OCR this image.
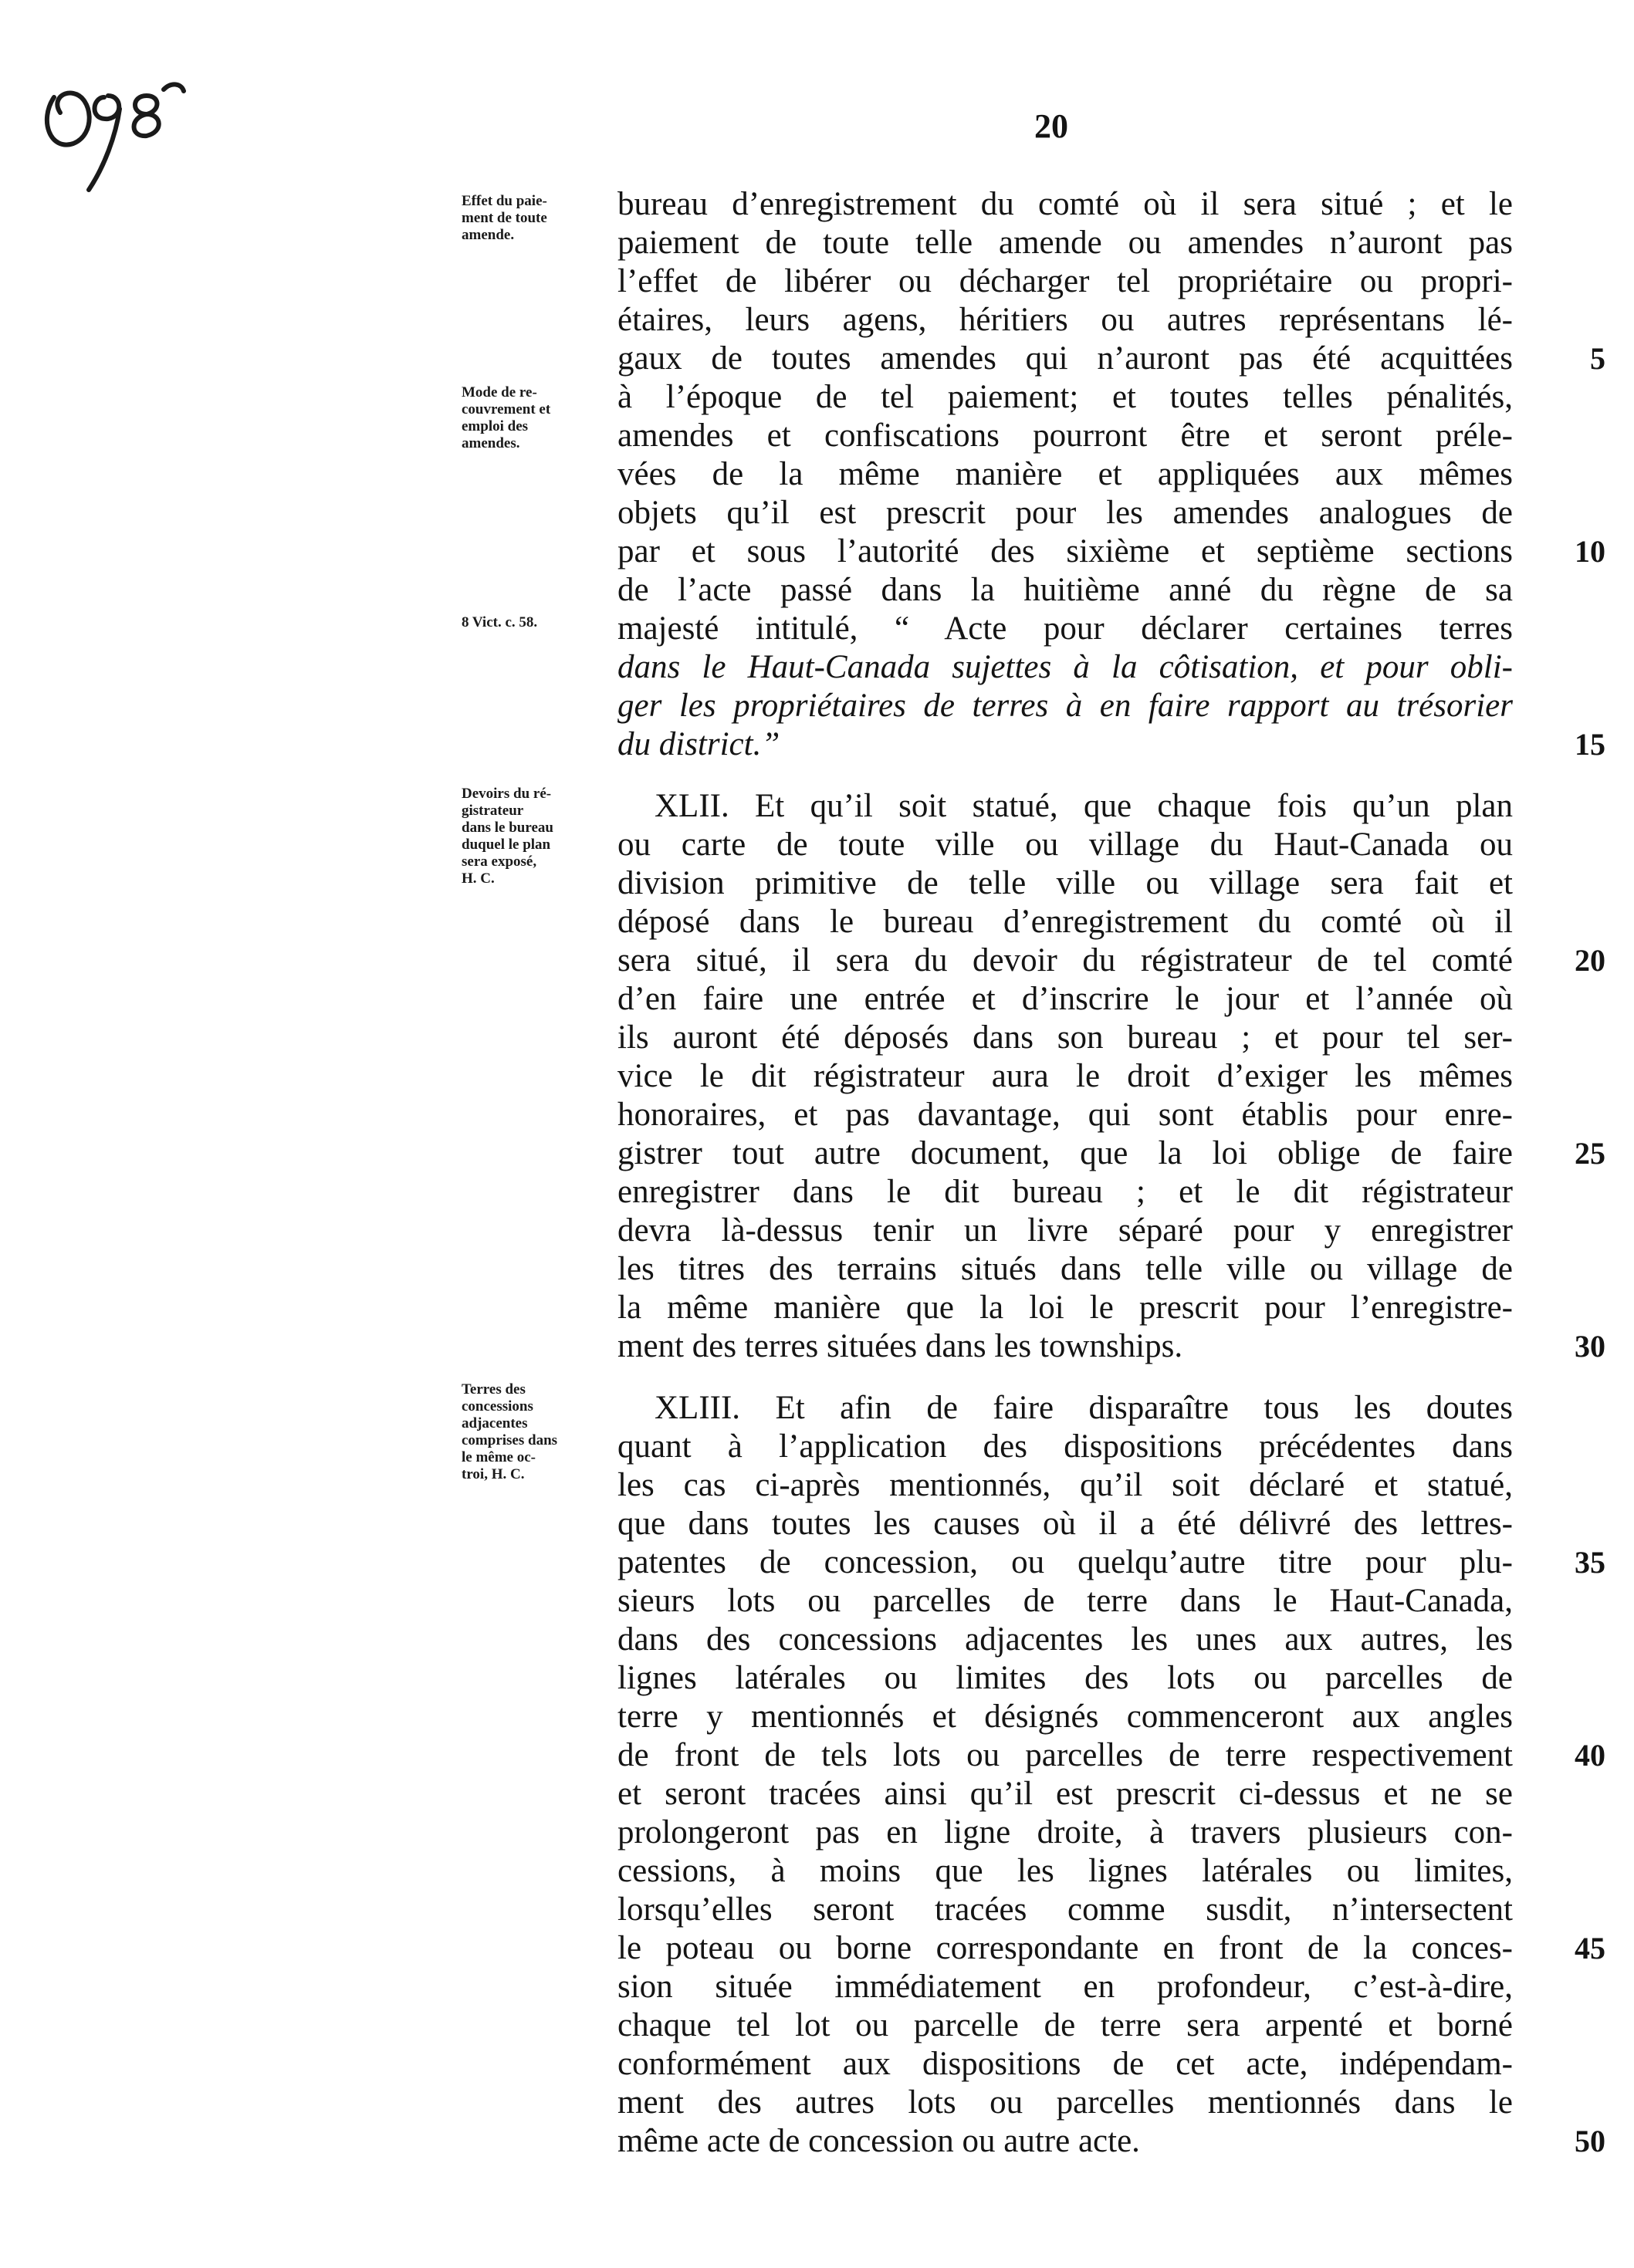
20
Effet du paie-
ment de toute
amende.
Mode de re-
couvrement et
emploi des
amendes.
8 Vict. c. 58.
Devoirs du ré-
gistrateur
dans le bureau
duquel le plan
sera exposé,
H. C.
Terres des
concessions
adjacentes
comprises dans
le même oc-
troi, H. C.
bureau d’enregistrement du comté où il sera situé ; et le
paiement de toute telle amende ou amendes n’auront pas
l’effet de libérer ou décharger tel propriétaire ou propri-
étaires, leurs agens, héritiers ou autres représentans lé-
gaux de toutes amendes qui n’auront pas été acquittées
à l’époque de tel paiement; et toutes telles pénalités,
amendes et confiscations pourront être et seront préle-
vées de la même manière et appliquées aux mêmes
objets qu’il est prescrit pour les amendes analogues de
par et sous l’autorité des sixième et septième sections
de l’acte passé dans la huitième anné du règne de sa
majesté intitulé, “ Acte pour déclarer certaines terres
dans le Haut-Canada sujettes à la côtisation, et pour obli-
ger les propriétaires de terres à en faire rapport au trésorier
du district.”
XLII. Et qu’il soit statué, que chaque fois qu’un plan
ou carte de toute ville ou village du Haut-Canada ou
division primitive de telle ville ou village sera fait et
déposé dans le bureau d’enregistrement du comté où il
sera situé, il sera du devoir du régistrateur de tel comté
d’en faire une entrée et d’inscrire le jour et l’année où
ils auront été déposés dans son bureau ; et pour tel ser-
vice le dit régistrateur aura le droit d’exiger les mêmes
honoraires, et pas davantage, qui sont établis pour enre-
gistrer tout autre document, que la loi oblige de faire
enregistrer dans le dit bureau ; et le dit régistrateur
devra là-dessus tenir un livre séparé pour y enregistrer
les titres des terrains situés dans telle ville ou village de
la même manière que la loi le prescrit pour l’enregistre-
ment des terres situées dans les townships.
XLIII. Et afin de faire disparaître tous les doutes
quant à l’application des dispositions précédentes dans
les cas ci-après mentionnés, qu’il soit déclaré et statué,
que dans toutes les causes où il a été délivré des lettres-
patentes de concession, ou quelqu’autre titre pour plu-
sieurs lots ou parcelles de terre dans le Haut-Canada,
dans des concessions adjacentes les unes aux autres, les
lignes latérales ou limites des lots ou parcelles de
terre y mentionnés et désignés commenceront aux angles
de front de tels lots ou parcelles de terre respectivement
et seront tracées ainsi qu’il est prescrit ci-dessus et ne se
prolongeront pas en ligne droite, à travers plusieurs con-
cessions, à moins que les lignes latérales ou limites,
lorsqu’elles seront tracées comme susdit, n’intersectent
le poteau ou borne correspondante en front de la conces-
sion située immédiatement en profondeur, c’est-à-dire,
chaque tel lot ou parcelle de terre sera arpenté et borné
conformément aux dispositions de cet acte, indépendam-
ment des autres lots ou parcelles mentionnés dans le
même acte de concession ou autre acte.
5
10
15
20
25
30
35
40
45
50
